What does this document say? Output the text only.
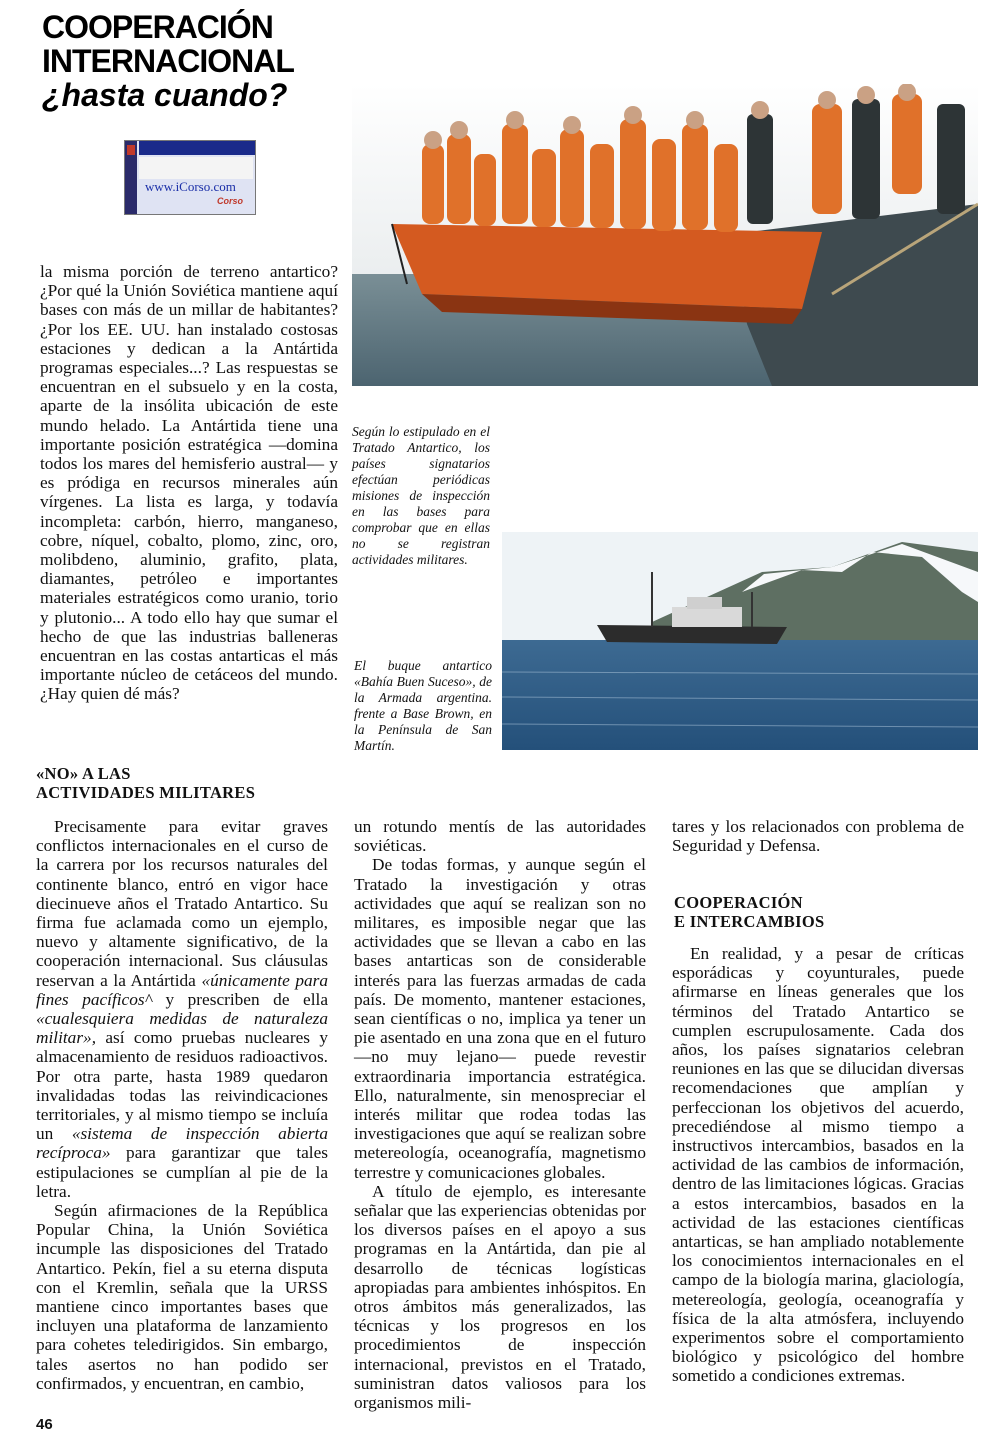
COOPERACIÓN
INTERNACIONAL
¿hasta cuando?
www.iCorso.com
Corso
Según lo estipulado en el Tratado Antartico, los países signatarios efectúan periódicas misiones de inspección en las bases para comprobar que en ellas no se registran actividades militares.
El buque antartico «Bahía Buen Suceso», de la Armada argentina. frente a Base Brown, en la Península de San Martín.

la misma porción de terreno antartico? ¿Por qué la Unión Soviética mantiene aquí bases con más de un millar de habitantes? ¿Por los EE. UU. han instalado costosas estaciones y dedican a la Antártida programas especiales...? Las respuestas se encuentran en el subsuelo y en la costa, aparte de la insólita ubicación de este mundo helado. La Antártida tiene una importante posición estratégica —domina todos los mares del hemisferio austral— y es pródiga en recursos minerales aún vírgenes. La lista es larga, y todavía incompleta: carbón, hierro, manganeso, cobre, níquel, cobalto, plomo, zinc, oro, molibdeno, aluminio, grafito, plata, diamantes, petróleo e importantes materiales estratégicos como uranio, torio y plutonio... A todo ello hay que sumar el hecho de que las industrias balleneras encuentran en las costas antarticas el más importante núcleo de cetáceos del mundo. ¿Hay quien dé más?

«NO» A LAS
ACTIVIDADES MILITARES

Precisamente para evitar graves conflictos internacionales en el curso de la carrera por los recursos naturales del continente blanco, entró en vigor hace diecinueve años el Tratado Antartico. Su firma fue aclamada como un ejemplo, nuevo y altamente significativo, de la cooperación internacional. Sus cláusulas reservan a la Antártida «únicamente para fines pacíficos^ y prescriben de ella «cualesquiera medidas de naturaleza militar», así como pruebas nucleares y almacenamiento de residuos radioactivos. Por otra parte, hasta 1989 quedaron invalidadas todas las reivindicaciones territoriales, y al mismo tiempo se incluía un «sistema de inspección abierta recíproca» para garantizar que tales estipulaciones se cumplían al pie de la letra.

Según afirmaciones de la República Popular China, la Unión Soviética incumple las disposiciones del Tratado Antartico. Pekín, fiel a su eterna disputa con el Kremlin, señala que la URSS mantiene cinco importantes bases que incluyen una plataforma de lanzamiento para cohetes teledirigidos. Sin embargo, tales asertos no han podido ser confirmados, y encuentran, en cambio,

un rotundo mentís de las autoridades soviéticas.

De todas formas, y aunque según el Tratado la investigación y otras actividades que aquí se realizan son no militares, es imposible negar que las actividades que se llevan a cabo en las bases antarticas son de considerable interés para las fuerzas armadas de cada país. De momento, mantener estaciones, sean científicas o no, implica ya tener un pie asentado en una zona que en el futuro —no muy lejano— puede revestir extraordinaria importancia estratégica. Ello, naturalmente, sin menospreciar el interés militar que rodea todas las investigaciones que aquí se realizan sobre metereología, oceanografía, magnetismo terrestre y comunicaciones globales.

A título de ejemplo, es interesante señalar que las experiencias obtenidas por los diversos países en el apoyo a sus programas en la Antártida, dan pie al desarrollo de técnicas logísticas apropiadas para ambientes inhóspitos. En otros ámbitos más generalizados, las técnicas y los progresos en los procedimientos de inspección internacional, previstos en el Tratado, suministran datos valiosos para los organismos mili-

tares y los relacionados con problema de Seguridad y Defensa.

COOPERACIÓN
E INTERCAMBIOS

En realidad, y a pesar de críticas esporádicas y coyunturales, puede afirmarse en líneas generales que los términos del Tratado Antartico se cumplen escrupulosamente. Cada dos años, los países signatarios celebran reuniones en las que se dilucidan diversas recomendaciones que amplían y perfeccionan los objetivos del acuerdo, precediéndose al mismo tiempo a instructivos intercambios, basados en la actividad de las cambios de información, dentro de las limitaciones lógicas. Gracias a estos intercambios, basados en la actividad de las estaciones científicas antarticas, se han ampliado notablemente los conocimientos internacionales en el campo de la biología marina, glaciología, metereología, geología, oceanografía y física de la alta atmósfera, incluyendo experimentos sobre el comportamiento biológico y psicológico del hombre sometido a condiciones extremas.

46
